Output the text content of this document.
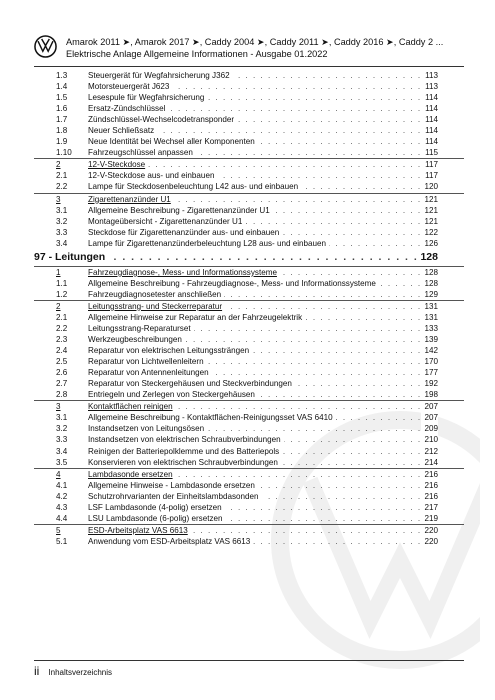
Amarok 2011 ➤, Amarok 2017 ➤, Caddy 2004 ➤, Caddy 2011 ➤, Caddy 2016 ➤, Caddy 2 ...
Elektrische Anlage Allgemeine Informationen - Ausgabe 01.2022
. . .
1.3	Steuergerät für Wegfahrsicherung J362	113
. . .
1.4	Motorsteuergerät J623	113
. . .
1.5	Lesespule für Wegfahrsicherung	114
. . .
1.6	Ersatz-Zündschlüssel	114
. . .
1.7	Zündschlüssel-Wechselcodetransponder	114
. . .
1.8	Neuer Schließsatz	114
. . .
1.9	Neue Identität bei Wechsel aller Komponenten	114
. . .
1.10 Fahrzeugschlüssel anpassen	115
. . .
2	12-V-Steckdose	117
. . .
2.1	12-V-Steckdose aus- und einbauen	117
. . .
2.2	Lampe für Steckdosenbeleuchtung L42 aus- und einbauen	120
. . .
3	Zigarettenanzünder U1	121
. . .
3.1	Allgemeine Beschreibung - Zigarettenanzünder U1	121
. . .
3.2	Montageübersicht - Zigarettenanzünder U1	121
. . .
3.3	Steckdose für Zigarettenanzünder aus- und einbauen	122
. . .
3.4	Lampe für Zigarettenanzünderbeleuchtung L28 aus- und einbauen	126
. . .
97 - Leitungen	128
. . .
1	Fahrzeugdiagnose-, Mess- und Informationssysteme	128
. . .
1.1	Allgemeine Beschreibung - Fahrzeugdiagnose-, Mess- und Informationssysteme	128
. . .
1.2	Fahrzeugdiagnosetester anschließen	129
. . .
2	Leitungsstrang- und Steckerreparatur	131
. . .
2.1	Allgemeine Hinweise zur Reparatur an der Fahrzeugelektrik	131
. . .
2.2	Leitungsstrang-Reparaturset	133
. . .
2.3	Werkzeugbeschreibungen	139
. . .
2.4	Reparatur von elektrischen Leitungssträngen	142
. . .
2.5	Reparatur von Lichtwellenleitern	170
. . .
2.6	Reparatur von Antennenleitungen	177
. . .
2.7	Reparatur von Steckergehäusen und Steckverbindungen	192
. . .
2.8	Entriegeln und Zerlegen von Steckergehäusen	198
. . .
3	Kontaktflächen reinigen	207
. . .
3.1	Allgemeine Beschreibung - Kontaktflächen-Reinigungsset VAS 6410	207
. . .
3.2	Instandsetzen von Leitungsösen	209
. . .
3.3	Instandsetzen von elektrischen Schraubverbindungen	210
. . .
3.4	Reinigen der Batteriepolklemme und des Batteriepols	212
. . .
3.5	Konservieren von elektrischen Schraubverbindungen	214
. . .
4	Lambdasonde ersetzen	216
. . .
4.1	Allgemeine Hinweise - Lambdasonde ersetzen	216
. . .
4.2	Schutzrohrvarianten der Einheitslambdasonden	216
. . .
4.3	LSF Lambdasonde (4-polig) ersetzen	217
. . .
4.4	LSU Lambdasonde (6-polig) ersetzen	219
. . .
5	ESD-Arbeitsplatz VAS 6613	220
. . .
5.1	Anwendung vom ESD-Arbeitsplatz VAS 6613	220
ii Inhaltsverzeichnis
